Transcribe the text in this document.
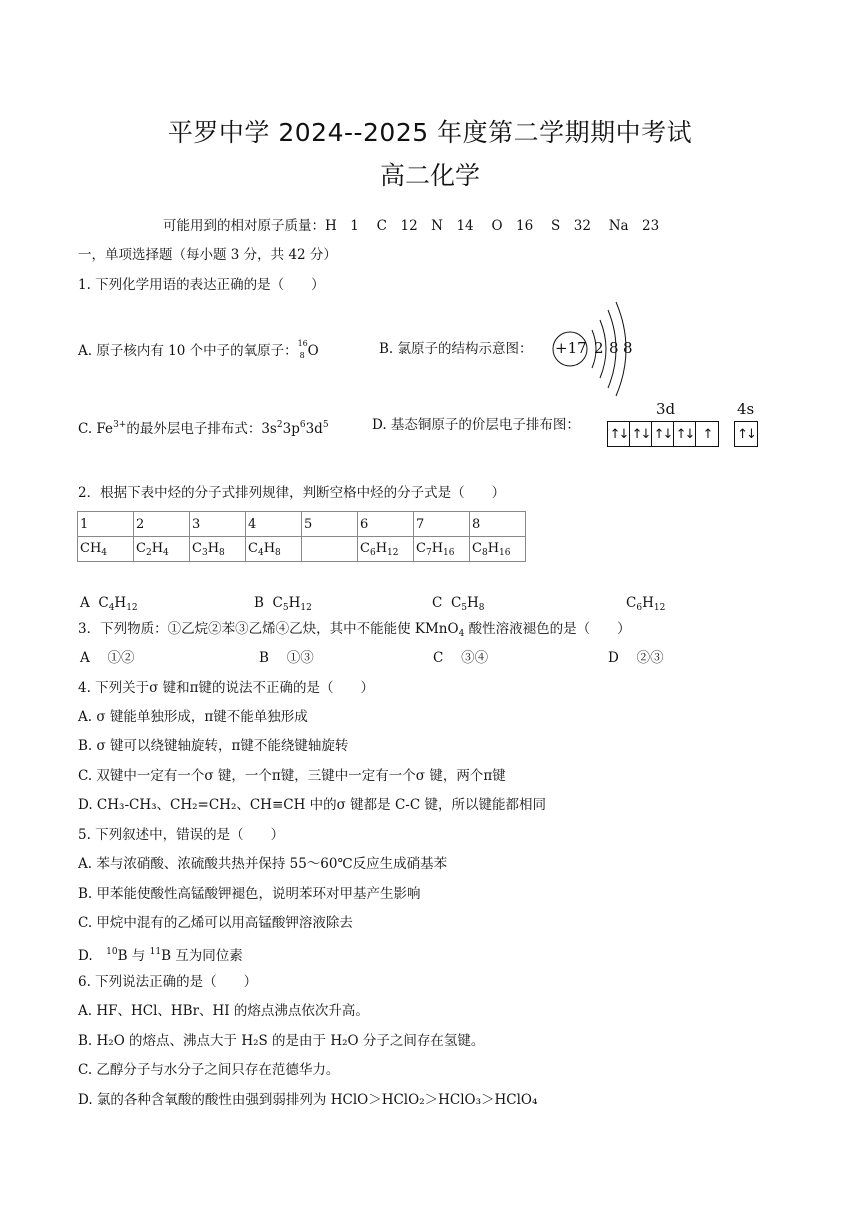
平罗中学 2024--2025 年度第二学期期中考试
高二化学
可能用到的相对原子质量：H　1　 C　12　N　14　 O　16　 S　32　 Na　23
一，单项选择题（每小题 3 分，共 42 分）
1. 下列化学用语的表达正确的是（　　）
A. 原子核内有 10 个中子的氧原子： 16
8 O	B. 氯原子的结构示意图： +17 2 8 8
C. $Fe^{3+}$的最外层电子排布式：$3s^23p^63d^5$	D. 基态铜原子的价层电子排布图：
3d	4s
↑↓ ↑↓ ↑↓ ↑↓ ↑	↑↓
2．根据下表中烃的分子式排列规律，判断空格中烃的分子式是（　　）
1	2	3	4	5	6	7	8
$CH_4$	$C_2H_4$	$C_3H_8$	$C_4H_8$		$C_6H_{12}$	$C_7H_{16}$	$C_8H_{16}$
A $C_4H_{12}$	B $C_5H_{12}$	C $C_5H_8$	$C_6H_{12}$
3．下列物质：①乙烷②苯③乙烯④乙炔，其中不能能使 KMnO$_4$ 酸性溶液褪色的是（　　）
A　 ①②	B　 ①③	C　 ③④	D　 ②③
4. 下列关于σ 键和π键的说法不正确的是（　　）
A. σ 键能单独形成，π键不能单独形成
B. σ 键可以绕键轴旋转，π键不能绕键轴旋转
C. 双键中一定有一个σ 键，一个π键，三键中一定有一个σ 键，两个π键
D. CH₃-CH₃、CH₂=CH₂、CH≡CH 中的σ 键都是 C-C 键，所以键能都相同
5. 下列叙述中，错误的是（　　）
A. 苯与浓硝酸、浓硫酸共热并保持 55～60℃反应生成硝基苯
B. 甲苯能使酸性高锰酸钾褪色，说明苯环对甲基产生影响
C. 甲烷中混有的乙烯可以用高锰酸钾溶液除去
D.　$^{10}$B 与 $^{11}$B 互为同位素
6. 下列说法正确的是（　　）
A. HF、HCl、HBr、HI 的熔点沸点依次升高。
B. H₂O 的熔点、沸点大于 H₂S 的是由于 H₂O 分子之间存在氢键。
C. 乙醇分子与水分子之间只存在范德华力。
D. 氯的各种含氧酸的酸性由强到弱排列为 HClO＞HClO₂＞HClO₃＞HClO₄
